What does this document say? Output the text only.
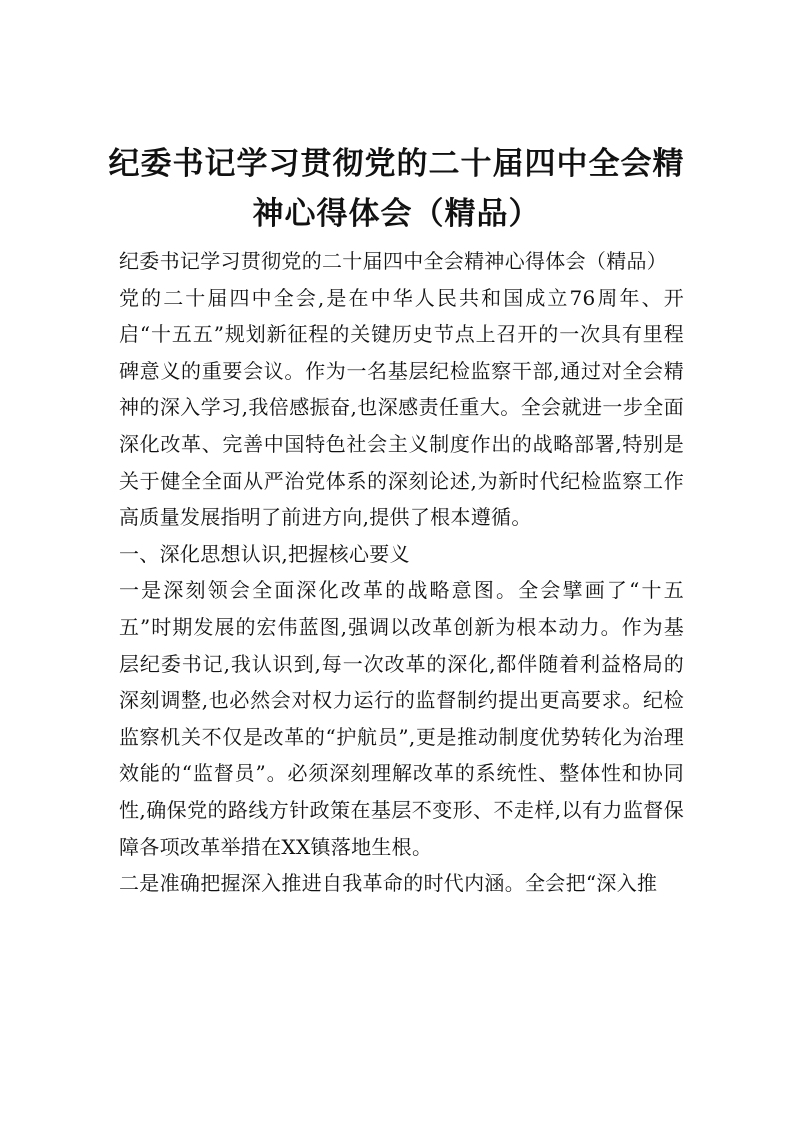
纪委书记学习贯彻党的二十届四中全会精
神心得体会（精品）

纪委书记学习贯彻党的二十届四中全会精神心得体会（精品）

党的二十届四中全会,是在中华人民共和国成立76周年、开启“十五五”规划新征程的关键历史节点上召开的一次具有里程碑意义的重要会议。作为一名基层纪检监察干部,通过对全会精神的深入学习,我倍感振奋,也深感责任重大。全会就进一步全面深化改革、完善中国特色社会主义制度作出的战略部署,特别是关于健全全面从严治党体系的深刻论述,为新时代纪检监察工作高质量发展指明了前进方向,提供了根本遵循。

一、深化思想认识,把握核心要义

一是深刻领会全面深化改革的战略意图。全会擘画了“十五五”时期发展的宏伟蓝图,强调以改革创新为根本动力。作为基层纪委书记,我认识到,每一次改革的深化,都伴随着利益格局的深刻调整,也必然会对权力运行的监督制约提出更高要求。纪检监察机关不仅是改革的“护航员”,更是推动制度优势转化为治理效能的“监督员”。必须深刻理解改革的系统性、整体性和协同性,确保党的路线方针政策在基层不变形、不走样,以有力监督保障各项改革举措在XX镇落地生根。

二是准确把握深入推进自我革命的时代内涵。全会把“深入推
